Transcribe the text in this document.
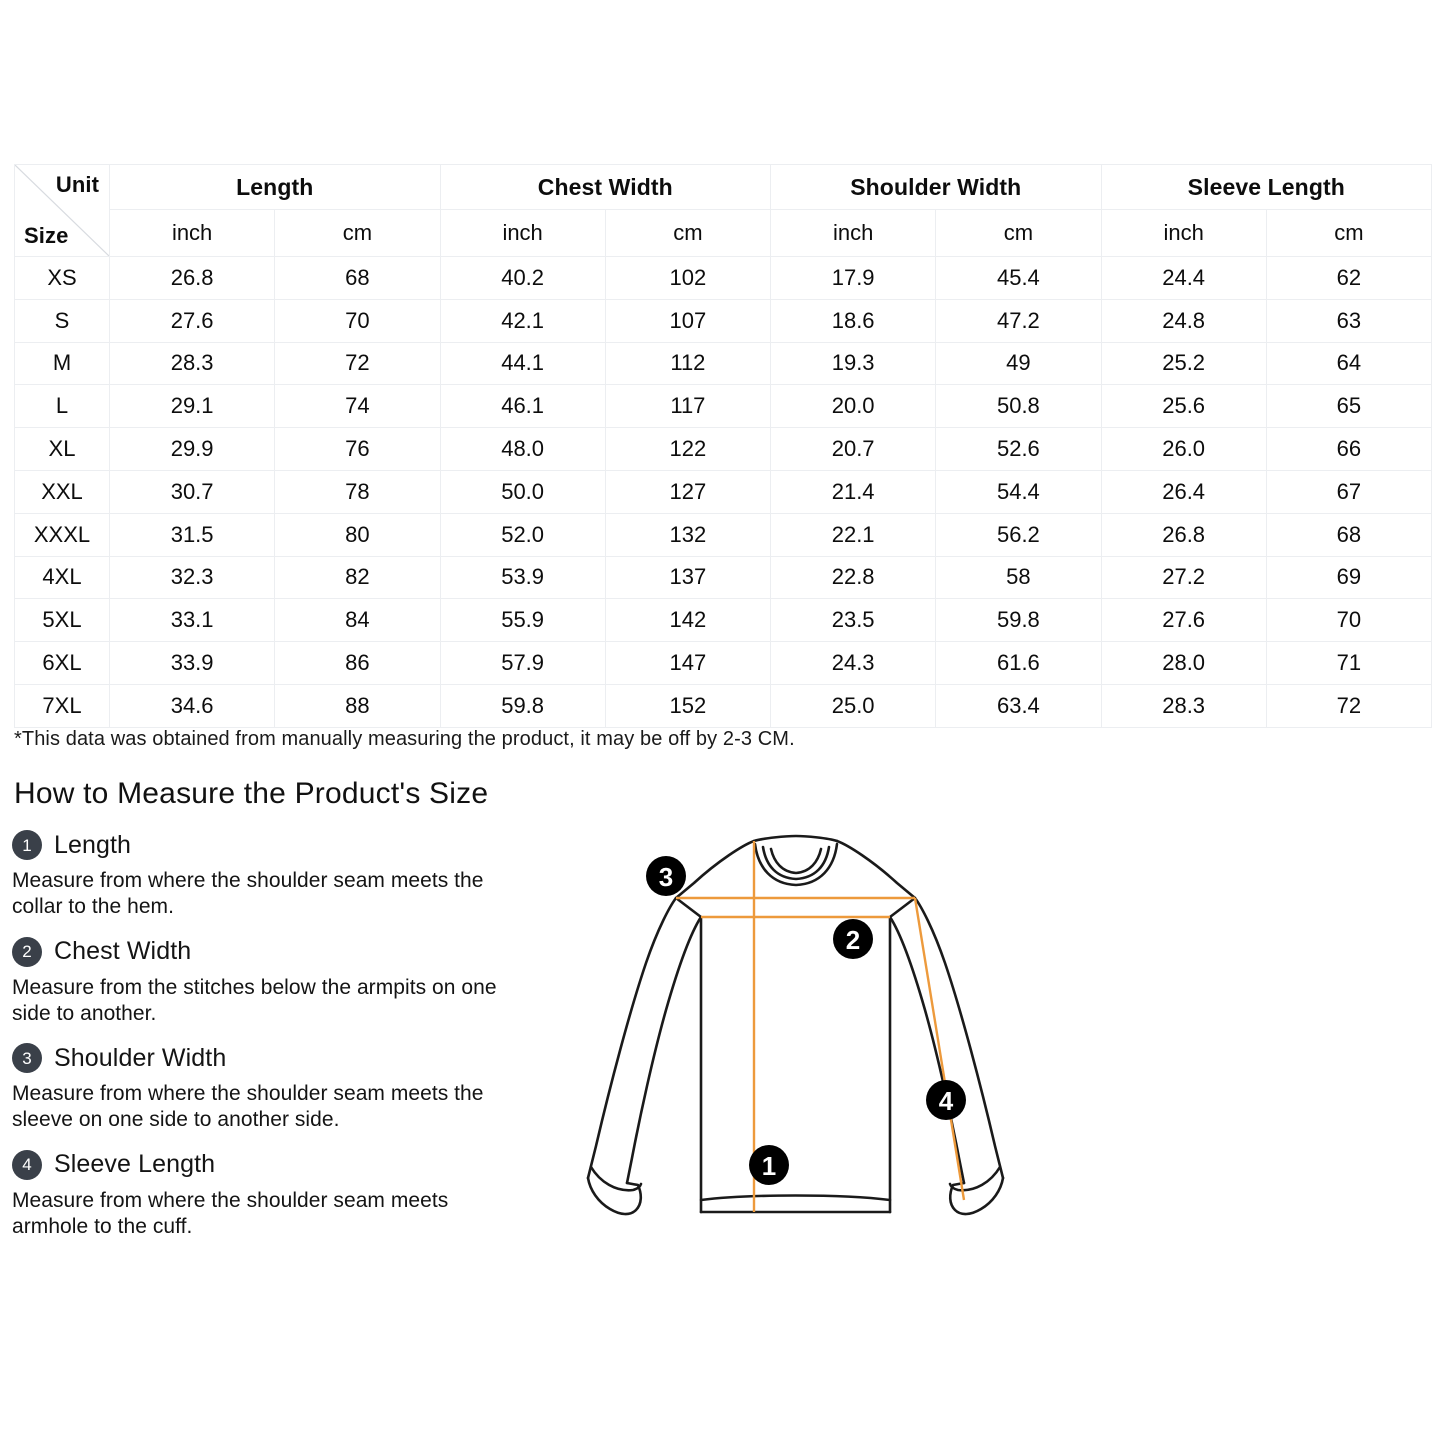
Unit
Size	Length		Chest Width		Shoulder Width		Sleeve Length	
	inch	cm	inch	cm	inch	cm	inch	cm
XS	26.8	68	40.2	102	17.9	45.4	24.4	62
S	27.6	70	42.1	107	18.6	47.2	24.8	63
M	28.3	72	44.1	112	19.3	49	25.2	64
L	29.1	74	46.1	117	20.0	50.8	25.6	65
XL	29.9	76	48.0	122	20.7	52.6	26.0	66
XXL	30.7	78	50.0	127	21.4	54.4	26.4	67
XXXL	31.5	80	52.0	132	22.1	56.2	26.8	68
4XL	32.3	82	53.9	137	22.8	58	27.2	69
5XL	33.1	84	55.9	142	23.5	59.8	27.6	70
6XL	33.9	86	57.9	147	24.3	61.6	28.0	71
7XL	34.6	88	59.8	152	25.0	63.4	28.3	72
*This data was obtained from manually measuring the product, it may be off by 2-3 CM.
How to Measure the Product's Size
1 Length
Measure from where the shoulder seam meets the collar to the hem.
2 Chest Width
Measure from the stitches below the armpits on one side to another.
3 Shoulder Width
Measure from where the shoulder seam meets the sleeve on one side to another side.
4 Sleeve Length
Measure from where the shoulder seam meets armhole to the cuff.
1
2
3
4
